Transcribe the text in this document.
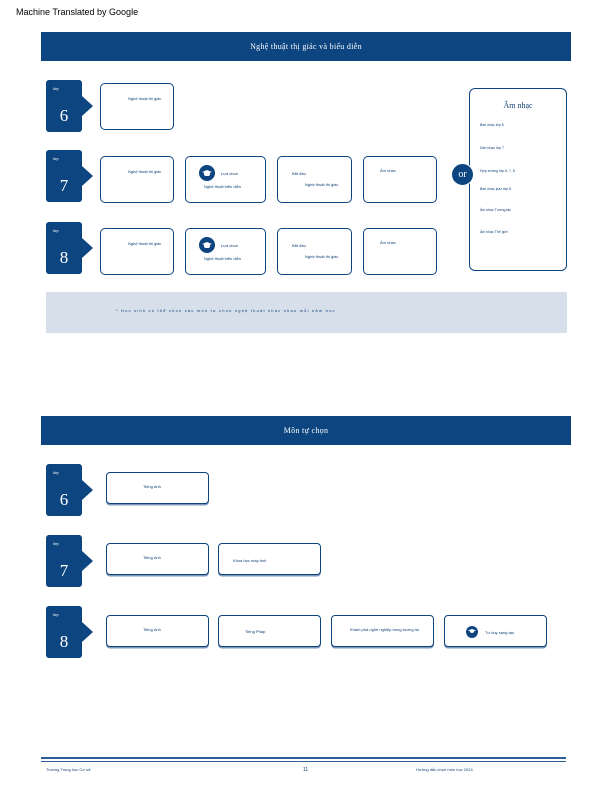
Machine Translated by Google
Nghệ thuật thị giác và biểu diễn
lớp
6
Nghệ thuật thị giác
lớp
7
Nghệ thuật thị giác	Lựa chọn
Nghệ thuật biểu diễn
Bắt đầu
Nghệ thuật thị giác
Âm nhạc
lớp
8
Nghệ thuật thị giác	Lựa chọn
Nghệ thuật biểu diễn
Bắt đầu
Nghệ thuật thị giác
Âm nhạc
Âm nhạc
Ban nhạc lớp 6
Dàn nhạc lớp 7
Hợp xướng lớp 6, 7, 8
Ban nhạc jazz lớp 8
Âm nhạc Tương tác
Âm nhạc Thế giới
or
* Học sinh có thể chọn các môn tự chọn nghệ thuật khác nhau mỗi năm học
Môn tự chọn
lớp
6
Tiếng Anh
lớp
7
Tiếng Anh
Khoa học máy tính
lớp
8
Tiếng Anh	Tiếng Pháp	Khám phá nghề nghiệp trong tương lai
Tư duy sáng tạo
Trường Trung học Cơ sở	11	Hướng dẫn chọn môn học 2024
